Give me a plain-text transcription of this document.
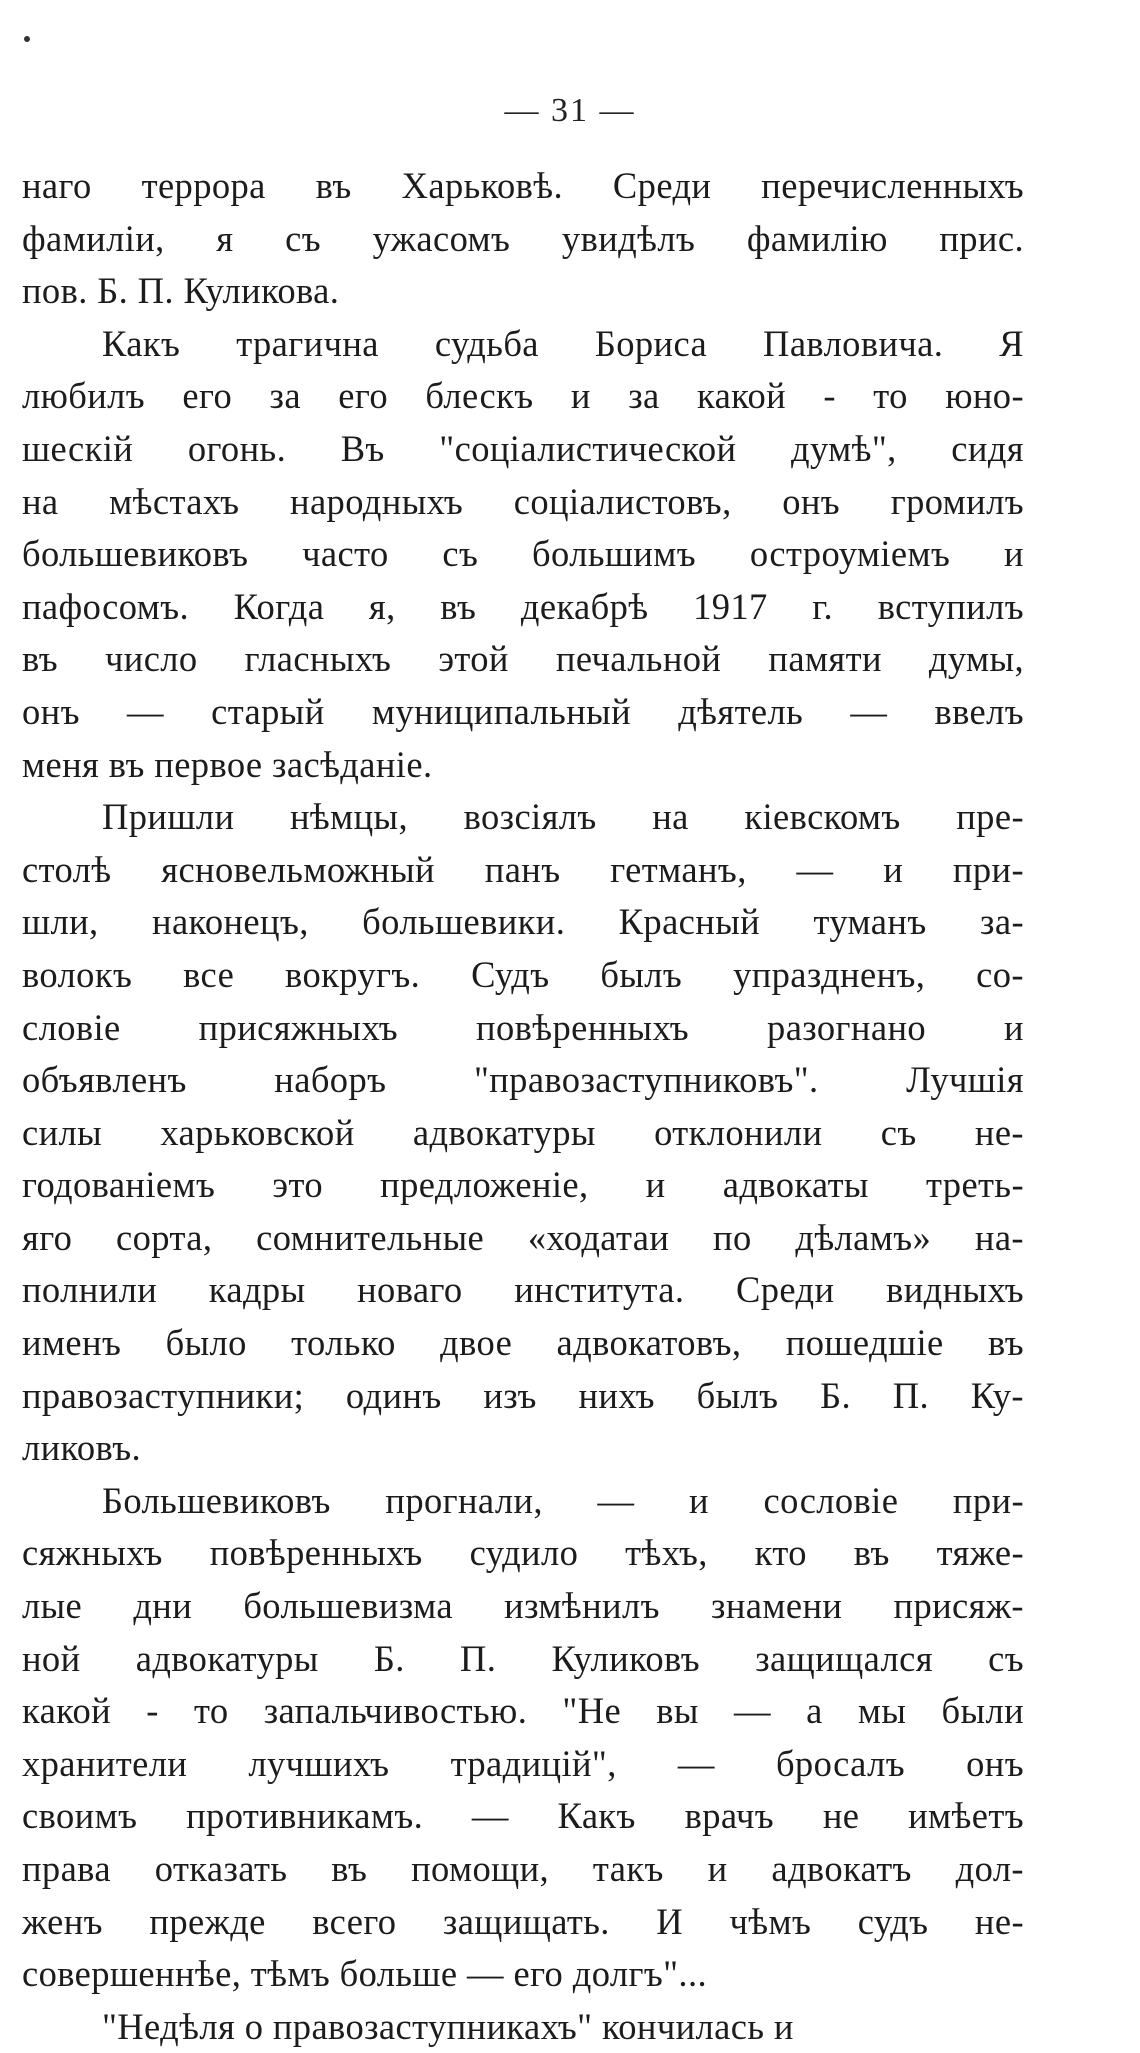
— 31 —

наго террора въ Харьковѣ. Среди перечисленныхъ
фамилiи, я съ ужасомъ увидѣлъ фамилiю прис.
пов. Б. П. Куликова.

Какъ трагична судьба Бориса Павловича. Я
любилъ его за его блескъ и за какой - то юно-
шескiй огонь. Въ "соцiалистической думѣ", сидя
на мѣстахъ народныхъ соцiалистовъ, онъ громилъ
большевиковъ часто съ большимъ остроумiемъ и
пафосомъ. Когда я, въ декабрѣ 1917 г. вступилъ
въ число гласныхъ этой печальной памяти думы,
онъ — старый муниципальный дѣятель — ввелъ
меня въ первое засѣданiе.

Пришли нѣмцы, возсiялъ на кiевскомъ пре-
столѣ ясновельможный панъ гетманъ, — и при-
шли, наконецъ, большевики. Красный туманъ за-
волокъ все вокругъ. Судъ былъ упраздненъ, со-
словiе присяжныхъ повѣренныхъ разогнано и
объявленъ наборъ "правозаступниковъ". Лучшiя
силы харьковской адвокатуры отклонили съ не-
годованiемъ это предложенiе, и адвокаты треть-
яго сорта, сомнительные «ходатаи по дѣламъ» на-
полнили кадры новаго института. Среди видныхъ
именъ было только двое адвокатовъ, пошедшiе въ
правозаступники; одинъ изъ нихъ былъ Б. П. Ку-
ликовъ.

Большевиковъ прогнали, — и сословiе при-
сяжныхъ повѣренныхъ судило тѣхъ, кто въ тяже-
лые дни большевизма измѣнилъ знамени присяж-
ной адвокатуры Б. П. Куликовъ защищался съ
какой - то запальчивостью. "Не вы — а мы были
хранители лучшихъ традицiй", — бросалъ онъ
своимъ противникамъ. — Какъ врачъ не имѣетъ
права отказать въ помощи, такъ и адвокатъ дол-
женъ прежде всего защищать. И чѣмъ судъ не-
совершеннѣе, тѣмъ больше — его долгъ"...

"Недѣля о правозаступникахъ" кончилась и
